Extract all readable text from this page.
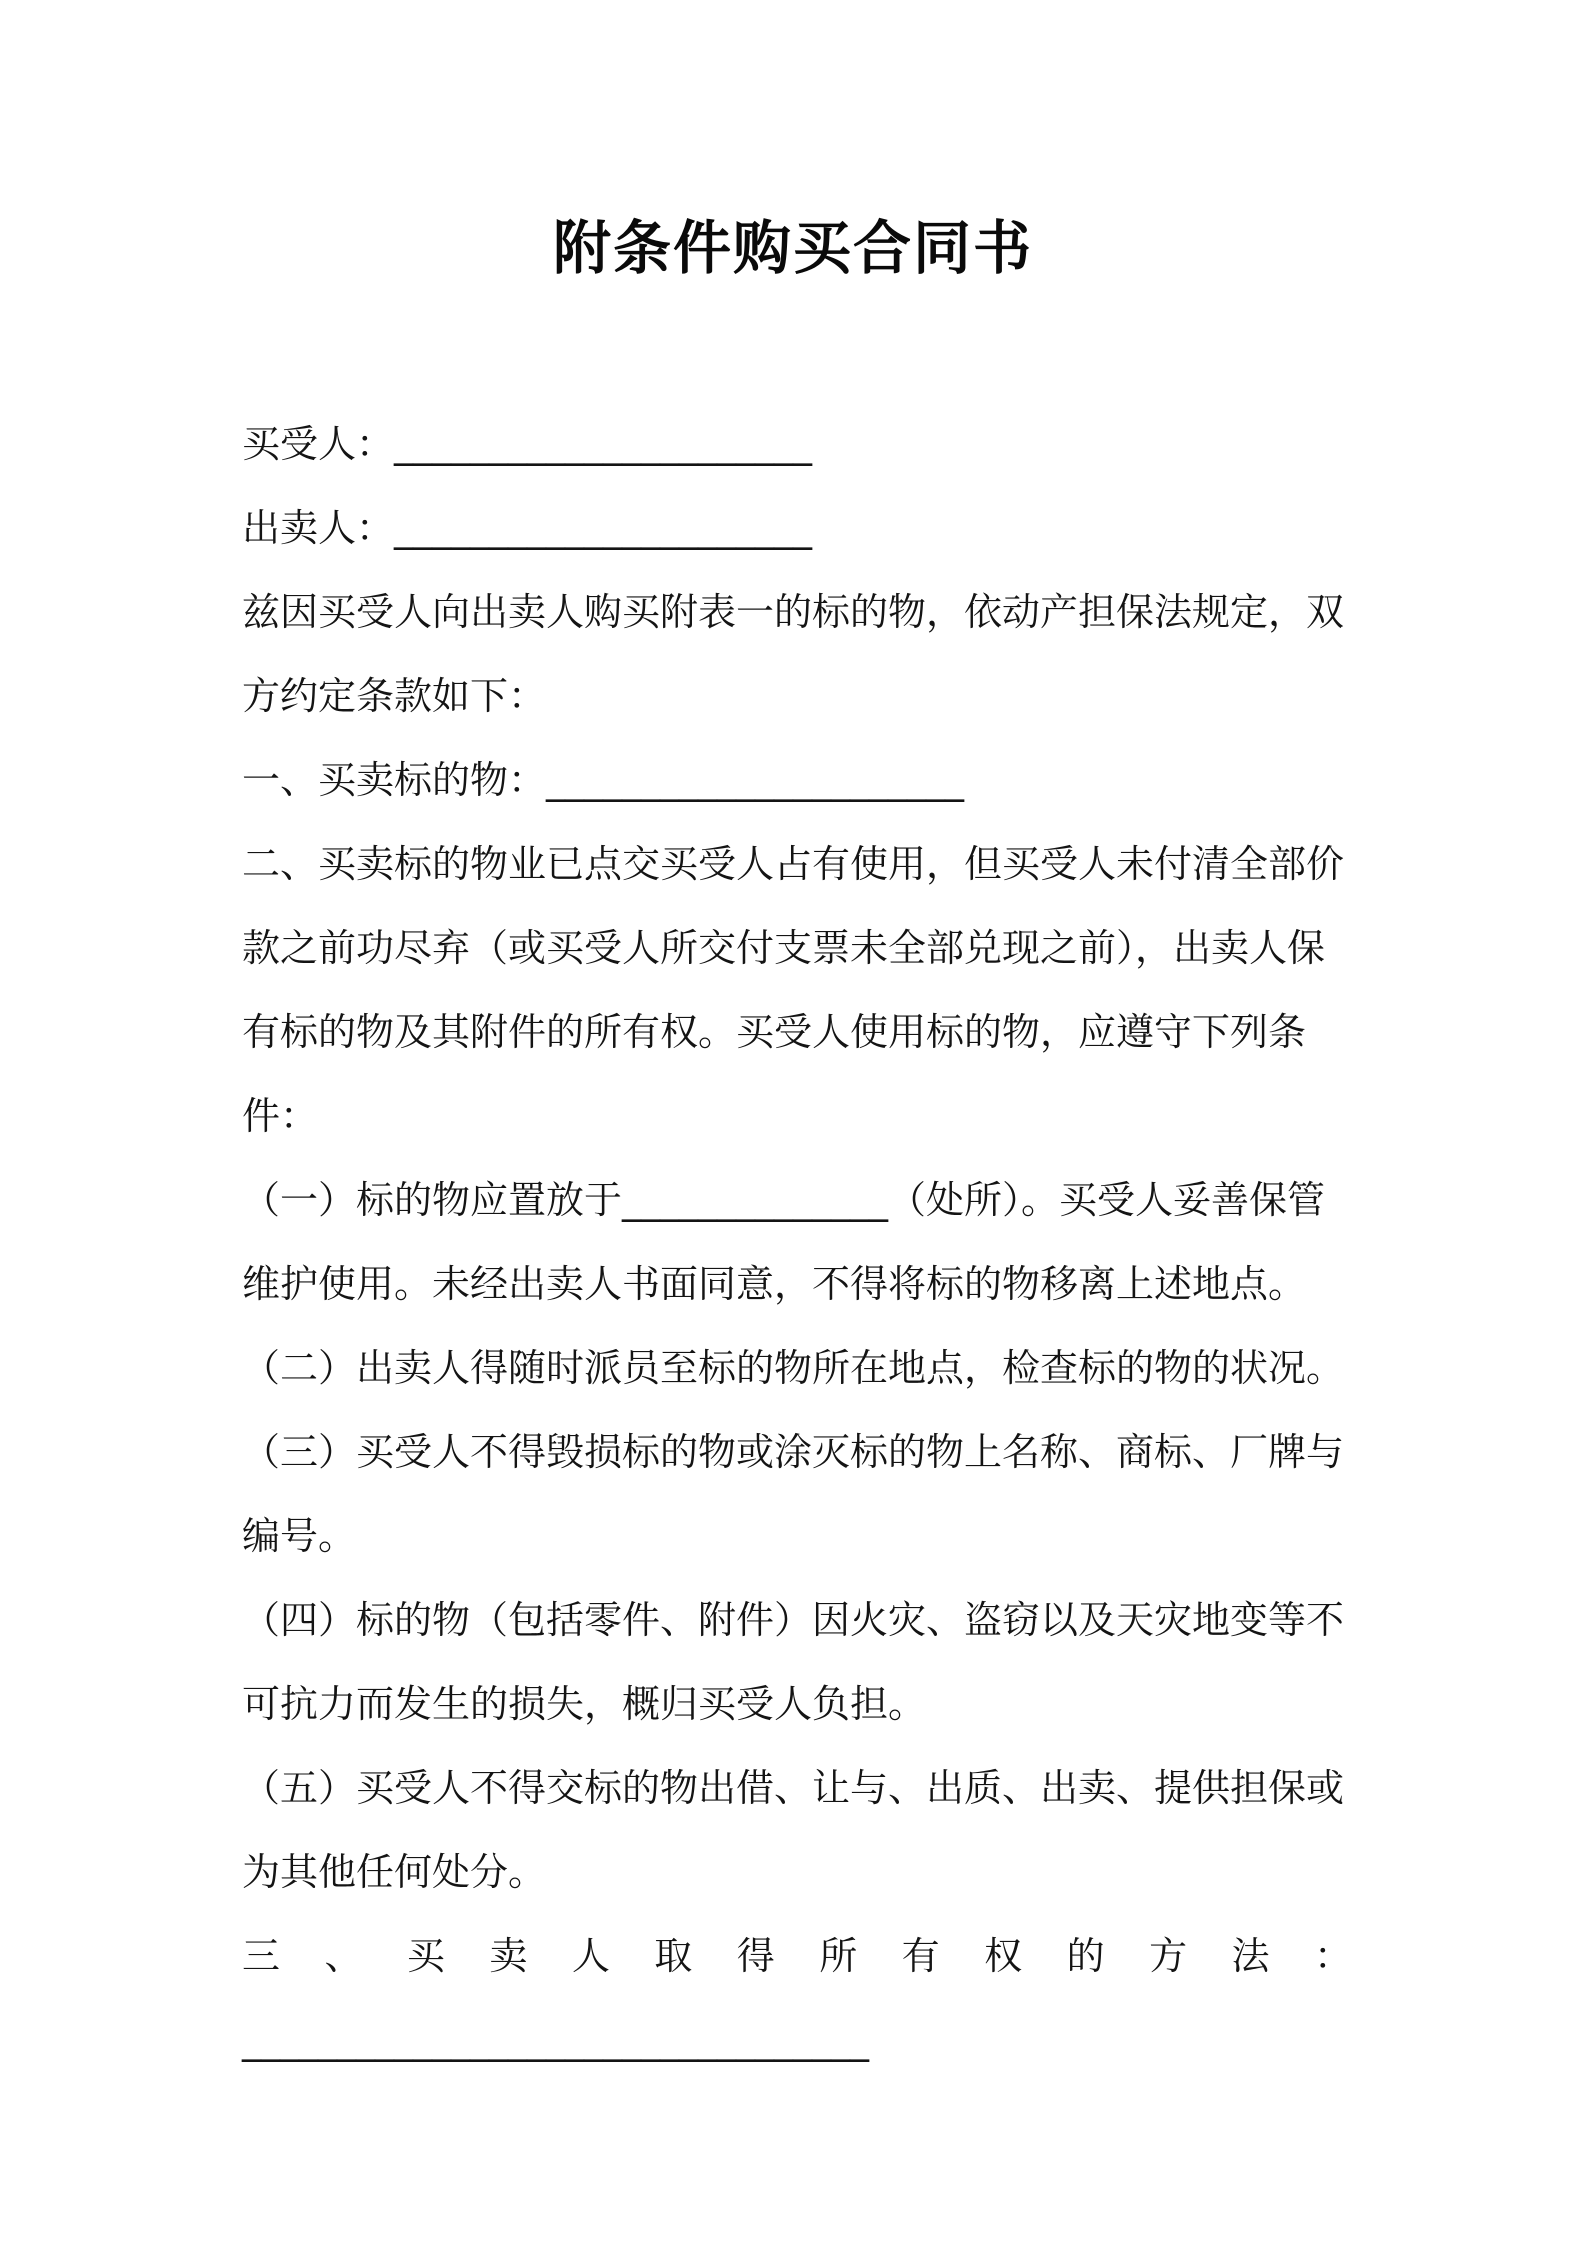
附条件购买合同书

买受人：______________________

出卖人：______________________

兹因买受人向出卖人购买附表一的标的物，依动产担保法规定，双方约定条款如下：

一、买卖标的物：______________________

二、买卖标的物业已点交买受人占有使用，但买受人未付清全部价款之前功尽弃（或买受人所交付支票未全部兑现之前），出卖人保有标的物及其附件的所有权。买受人使用标的物，应遵守下列条件：

（一）标的物应置放于______________（处所）。买受人妥善保管维护使用。未经出卖人书面同意，不得将标的物移离上述地点。

（二）出卖人得随时派员至标的物所在地点，检查标的物的状况。

（三）买受人不得毁损标的物或涂灭标的物上名称、商标、厂牌与编号。

（四）标的物（包括零件、附件）因火灾、盗窃以及天灾地变等不可抗力而发生的损失，概归买受人负担。

（五）买受人不得交标的物出借、让与、出质、出卖、提供担保或为其他任何处分。

三、买卖人取得所有权的方法：

_________________________________
